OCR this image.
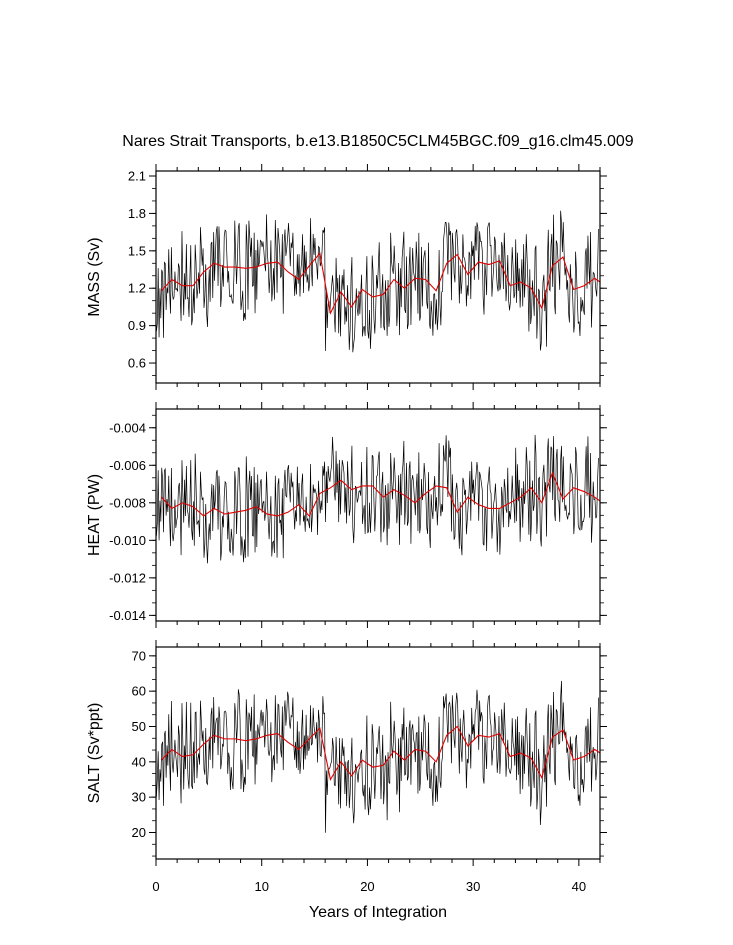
Nares Strait Transports, b.e13.B1850C5CLM45BGC.f09_g16.clm45.009
0.6
0.9
1.2
1.5
1.8
2.1
MASS (Sv)
-0.014
-0.012
-0.010
-0.008
-0.006
-0.004
HEAT (PW)
20
30
40
50
60
70
SALT (Sv*ppt)
0	10	20	30	40
Years of Integration
